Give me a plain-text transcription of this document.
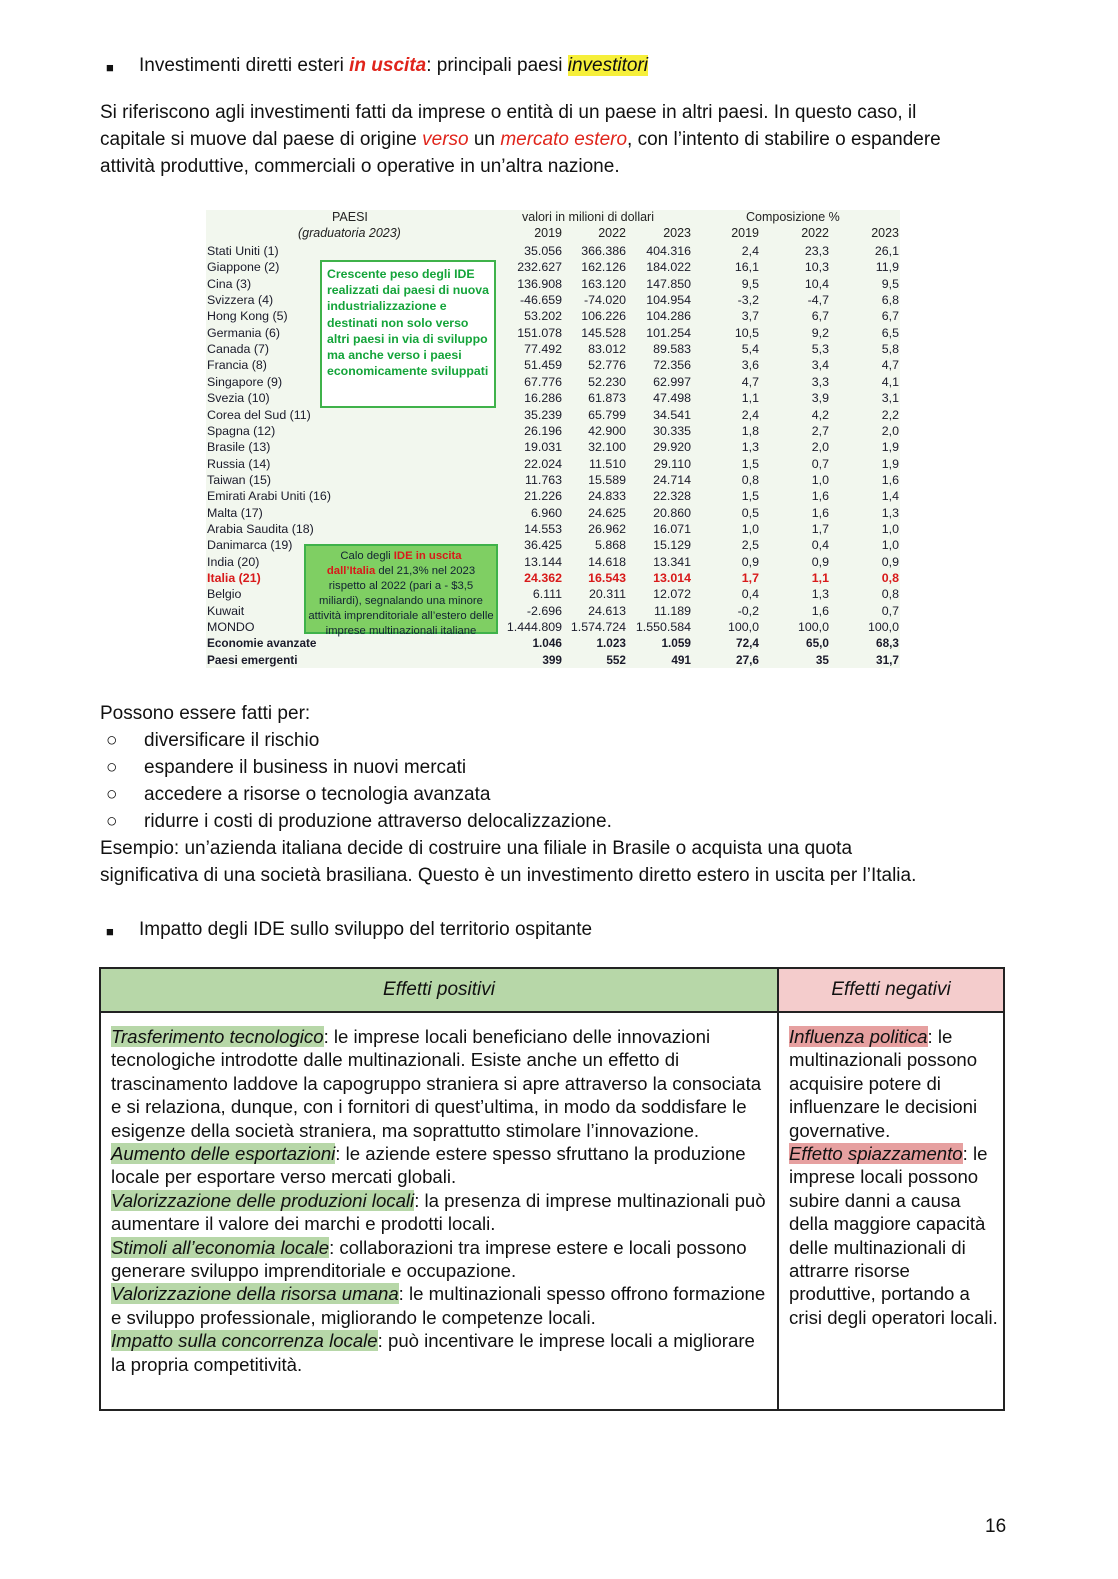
■ Investimenti diretti esteri in uscita: principali paesi investitori
Si riferiscono agli investimenti fatti da imprese o entità di un paese in altri paesi. In questo caso, il
capitale si muove dal paese di origine verso un mercato estero, con l’intento di stabilire o espandere
attività produttive, commerciali o operative in un’altra nazione.
PAESI
(graduatoria 2023)
valori in milioni di dollari	Composizione %
2019	2022	2023	2019	2022	2023
Stati Uniti (1)	35.056	366.386	404.316	2,4	23,3	26,1
Giappone (2)	232.627	162.126	184.022	16,1	10,3	11,9
Cina (3)	136.908	163.120	147.850	9,5	10,4	9,5
Svizzera (4)	-46.659	-74.020	104.954	-3,2	-4,7	6,8
Hong Kong (5)	53.202	106.226	104.286	3,7	6,7	6,7
Germania (6)	151.078	145.528	101.254	10,5	9,2	6,5
Canada (7)	77.492	83.012	89.583	5,4	5,3	5,8
Francia (8)	51.459	52.776	72.356	3,6	3,4	4,7
Singapore (9)	67.776	52.230	62.997	4,7	3,3	4,1
Svezia (10)	16.286	61.873	47.498	1,1	3,9	3,1
Corea del Sud (11)	35.239	65.799	34.541	2,4	4,2	2,2
Spagna (12)	26.196	42.900	30.335	1,8	2,7	2,0
Brasile (13)	19.031	32.100	29.920	1,3	2,0	1,9
Russia (14)	22.024	11.510	29.110	1,5	0,7	1,9
Taiwan (15)	11.763	15.589	24.714	0,8	1,0	1,6
Emirati Arabi Uniti (16)	21.226	24.833	22.328	1,5	1,6	1,4
Malta (17)	6.960	24.625	20.860	0,5	1,6	1,3
Arabia Saudita (18)	14.553	26.962	16.071	1,0	1,7	1,0
Danimarca (19)	36.425	5.868	15.129	2,5	0,4	1,0
India (20)	13.144	14.618	13.341	0,9	0,9	0,9
Italia (21)	24.362	16.543	13.014	1,7	1,1	0,8
Belgio	6.111	20.311	12.072	0,4	1,3	0,8
Kuwait	-2.696	24.613	11.189	-0,2	1,6	0,7
MONDO	1.444.809 1.574.724 1.550.584	100,0	100,0	100,0
Economie avanzate	1.046	1.023	1.059	72,4	65,0	68,3
Paesi emergenti	399	552	491	27,6	35	31,7
Crescente peso degli IDE realizzati dai paesi di nuova industrializzazione e destinati non solo verso altri paesi in via di sviluppo ma anche verso i paesi economicamente sviluppati
Calo degli IDE in uscita
dall’Italia del 21,3% nel 2023 rispetto al 2022 (pari a - $3,5 miliardi), segnalando una minore attività imprenditoriale all’estero delle imprese multinazionali italiane
Possono essere fatti per:
○ diversificare il rischio
○ espandere il business in nuovi mercati
○ accedere a risorse o tecnologia avanzata
○ ridurre i costi di produzione attraverso delocalizzazione.
Esempio: un’azienda italiana decide di costruire una filiale in Brasile o acquista una quota
significativa di una società brasiliana. Questo è un investimento diretto estero in uscita per l’Italia.
■ Impatto degli IDE sullo sviluppo del territorio ospitante
Effetti positivi	Effetti negativi
Trasferimento tecnologico: le imprese locali beneficiano delle innovazioni tecnologiche introdotte dalle multinazionali. Esiste anche un effetto di trascinamento laddove la capogruppo straniera si apre attraverso la consociata e si relaziona, dunque, con i fornitori di quest’ultima, in modo da soddisfare le esigenze della società straniera, ma soprattutto stimolare l’innovazione.
Aumento delle esportazioni: le aziende estere spesso sfruttano la produzione locale per esportare verso mercati globali.
Valorizzazione delle produzioni locali: la presenza di imprese multinazionali può aumentare il valore dei marchi e prodotti locali.
Stimoli all’economia locale: collaborazioni tra imprese estere e locali possono generare sviluppo imprenditoriale e occupazione.
Valorizzazione della risorsa umana: le multinazionali spesso offrono formazione e sviluppo professionale, migliorando le competenze locali.
Impatto sulla concorrenza locale: può incentivare le imprese locali a migliorare la propria competitività.
Influenza politica: le multinazionali possono acquisire potere di influenzare le decisioni governative.
Effetto spiazzamento: le imprese locali possono subire danni a causa della maggiore capacità delle multinazionali di attrarre risorse produttive, portando a crisi degli operatori locali.
16
